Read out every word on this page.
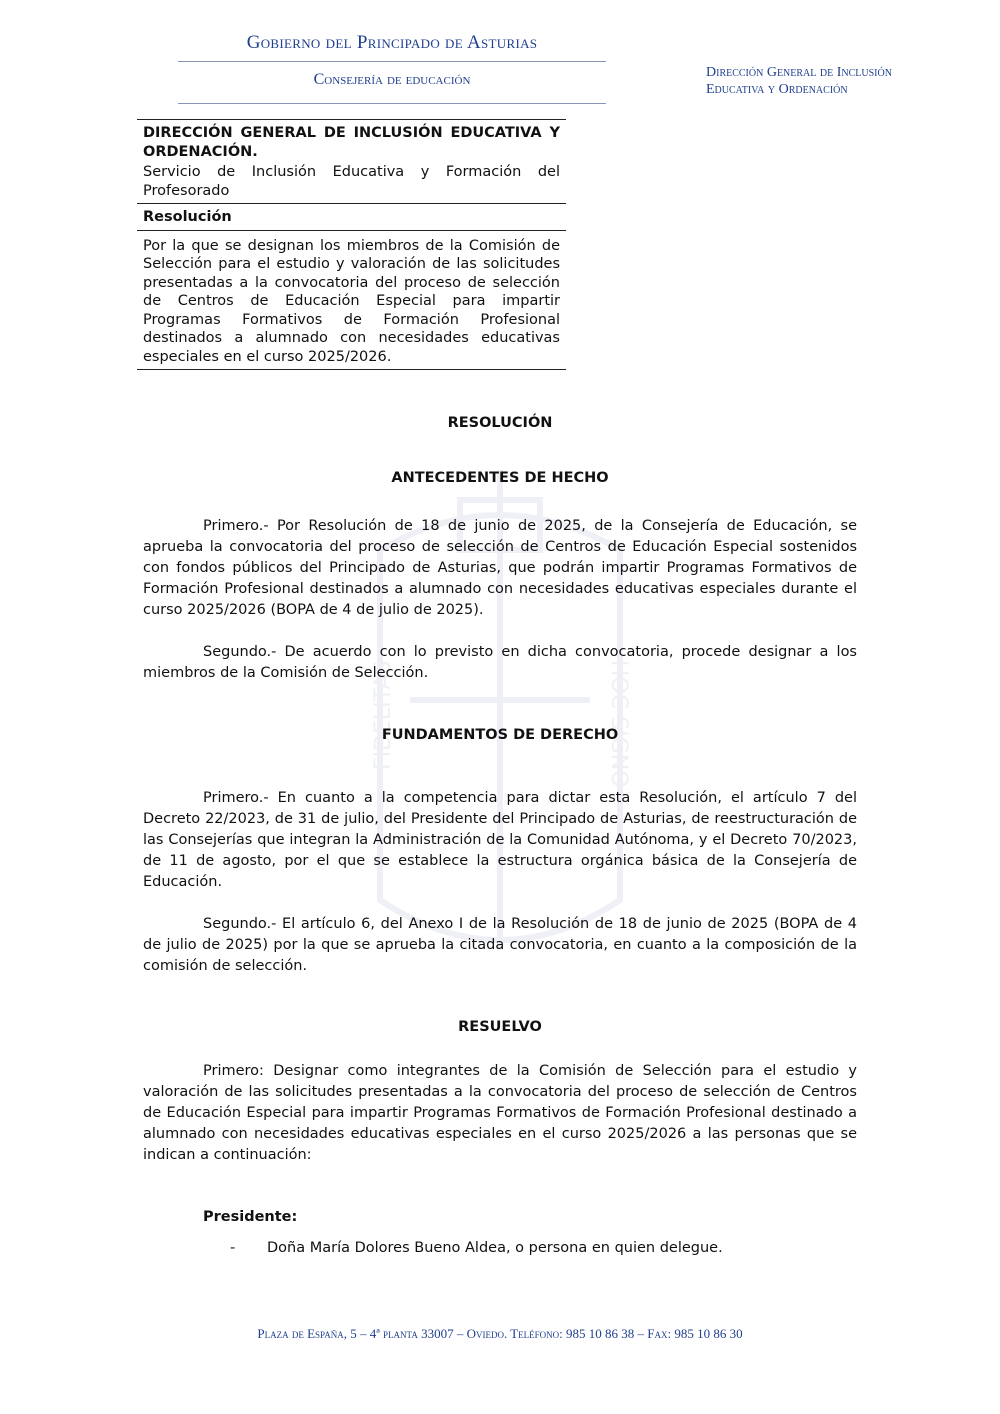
FIDELITAS	HOC SIGNO
Gobierno del Principado de Asturias
Consejería de educación	Dirección General de Inclusión
Educativa y Ordenación

DIRECCIÓN GENERAL DE INCLUSIÓN EDUCATIVA Y ORDENACIÓN.

Servicio de Inclusión Educativa y Formación del Profesorado

Resolución
Por la que se designan los miembros de la Comisión de Selección para el estudio y valoración de las solicitudes presentadas a la convocatoria del proceso de selección de Centros de Educación Especial para impartir Programas Formativos de Formación Profesional destinados a alumnado con necesidades educativas especiales en el curso 2025/2026.
RESOLUCIÓN
ANTECEDENTES DE HECHO

Primero.- Por Resolución de 18 de junio de 2025, de la Consejería de Educación, se aprueba la convocatoria del proceso de selección de Centros de Educación Especial sostenidos con fondos públicos del Principado de Asturias, que podrán impartir Programas Formativos de Formación Profesional destinados a alumnado con necesidades educativas especiales durante el curso 2025/2026 (BOPA de 4 de julio de 2025).

Segundo.- De acuerdo con lo previsto en dicha convocatoria, procede designar a los miembros de la Comisión de Selección.

FUNDAMENTOS DE DERECHO

Primero.- En cuanto a la competencia para dictar esta Resolución, el artículo 7 del Decreto 22/2023, de 31 de julio, del Presidente del Principado de Asturias, de reestructuración de las Consejerías que integran la Administración de la Comunidad Autónoma, y el Decreto 70/2023, de 11 de agosto, por el que se establece la estructura orgánica básica de la Consejería de Educación.

Segundo.- El artículo 6, del Anexo I de la Resolución de 18 de junio de 2025 (BOPA de 4 de julio de 2025) por la que se aprueba la citada convocatoria, en cuanto a la composición de la comisión de selección.

RESUELVO

Primero: Designar como integrantes de la Comisión de Selección para el estudio y valoración de las solicitudes presentadas a la convocatoria del proceso de selección de Centros de Educación Especial para impartir Programas Formativos de Formación Profesional destinado a alumnado con necesidades educativas especiales en el curso 2025/2026 a las personas que se indican a continuación:

Presidente:
- Doña María Dolores Bueno Aldea, o persona en quien delegue.
Plaza de España, 5 – 4ª planta 33007 – Oviedo. Teléfono: 985 10 86 38 – Fax: 985 10 86 30
